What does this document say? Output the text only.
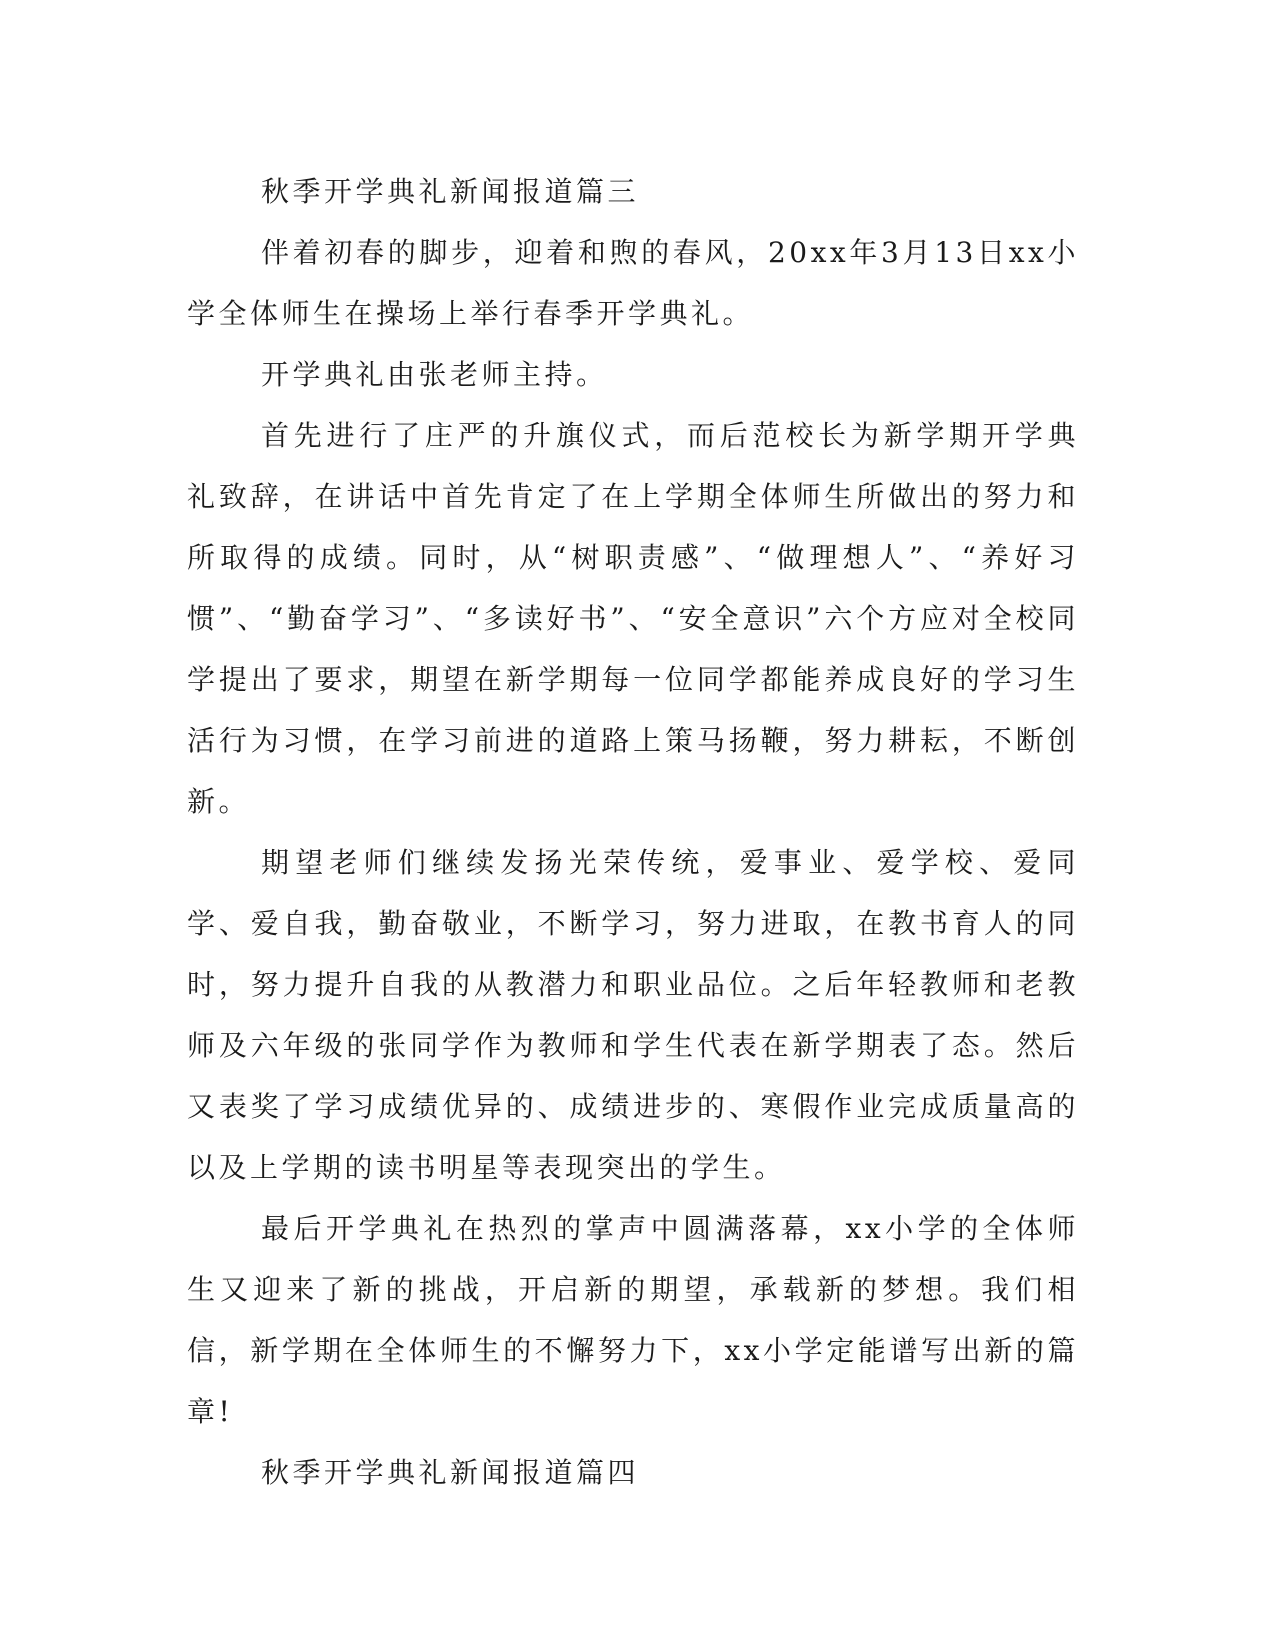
秋季开学典礼新闻报道篇三

伴着初春的脚步，迎着和煦的春风，20xx年3月13日xx小学全体师生在操场上举行春季开学典礼。

开学典礼由张老师主持。

首先进行了庄严的升旗仪式，而后范校长为新学期开学典礼致辞，在讲话中首先肯定了在上学期全体师生所做出的努力和所取得的成绩。同时，从“树职责感”、“做理想人”、“养好习惯”、“勤奋学习”、“多读好书”、“安全意识”六个方应对全校同学提出了要求，期望在新学期每一位同学都能养成良好的学习生活行为习惯，在学习前进的道路上策马扬鞭，努力耕耘，不断创新。

期望老师们继续发扬光荣传统，爱事业、爱学校、爱同学、爱自我，勤奋敬业，不断学习，努力进取，在教书育人的同时，努力提升自我的从教潜力和职业品位。之后年轻教师和老教师及六年级的张同学作为教师和学生代表在新学期表了态。然后又表奖了学习成绩优异的、成绩进步的、寒假作业完成质量高的以及上学期的读书明星等表现突出的学生。

最后开学典礼在热烈的掌声中圆满落幕，xx小学的全体师生又迎来了新的挑战，开启新的期望，承载新的梦想。我们相信，新学期在全体师生的不懈努力下，xx小学定能谱写出新的篇章!

秋季开学典礼新闻报道篇四
